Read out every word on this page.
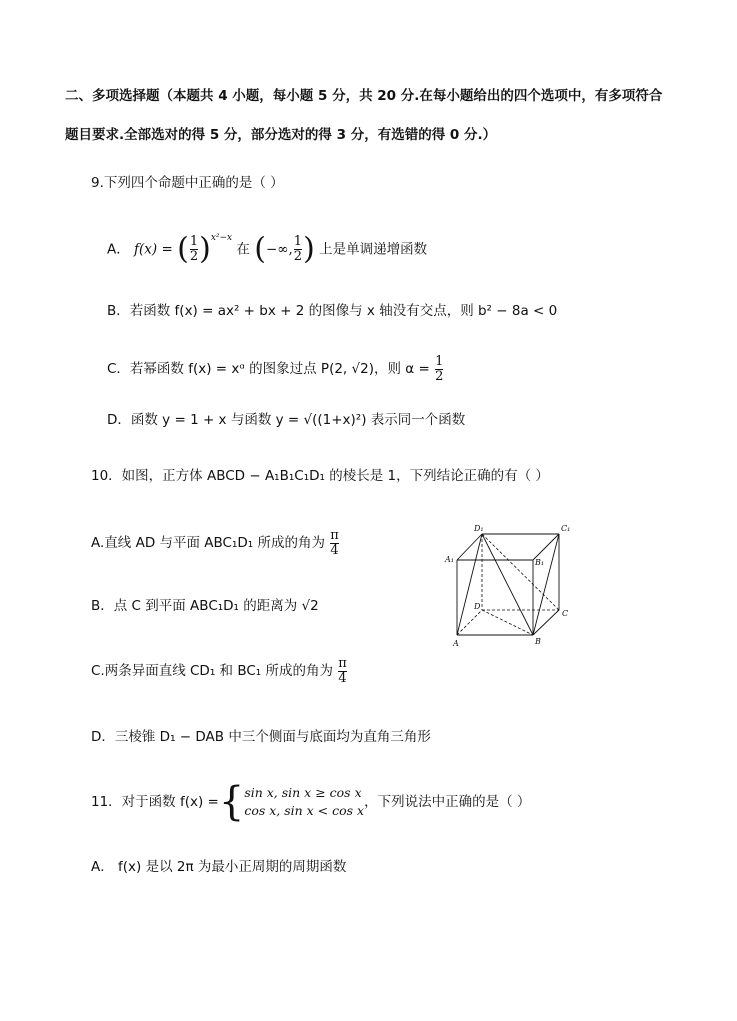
二、多项选择题（本题共 4 小题，每小题 5 分，共 20 分.在每小题给出的四个选项中，有多项符合
题目要求.全部选对的得 5 分，部分选对的得 3 分，有选错的得 0 分.）
9.下列四个命题中正确的是（ ）
A． f(x) = ( $\frac{1}{2} )^{x^2-x}$ 在 (−∞, $\frac{1}{2}$ ) 上是单调递增函数
B．若函数 f(x) = ax² + bx + 2 的图像与 x 轴没有交点，则 b² − 8a < 0
C．若幂函数 f(x) = xᵅ 的图象过点 P(2, √2)，则 $\alpha = \frac{1}{2}$
D．函数 y = 1 + x 与函数 y = √((1+x)²) 表示同一个函数
10．如图，正方体 ABCD − A₁B₁C₁D₁ 的棱长是 1，下列结论正确的有（ ）
A.直线 AD 与平面 ABC₁D₁ 所成的角为 $\frac{\pi}{4}$
B．点 C 到平面 ABC₁D₁ 的距离为 √2
C.两条异面直线 CD₁ 和 BC₁ 所成的角为 $\frac{\pi}{4}$
D．三棱锥 D₁ − DAB 中三个侧面与底面均为直角三角形
D₁	C₁
A₁	B₁
D
C
A	B
11．对于函数 f(x) ={ sin x, sin x ≥ cos x
cos x, sin x < cos x
，下列说法中正确的是（ ）
A． f(x) 是以 2π 为最小正周期的周期函数
